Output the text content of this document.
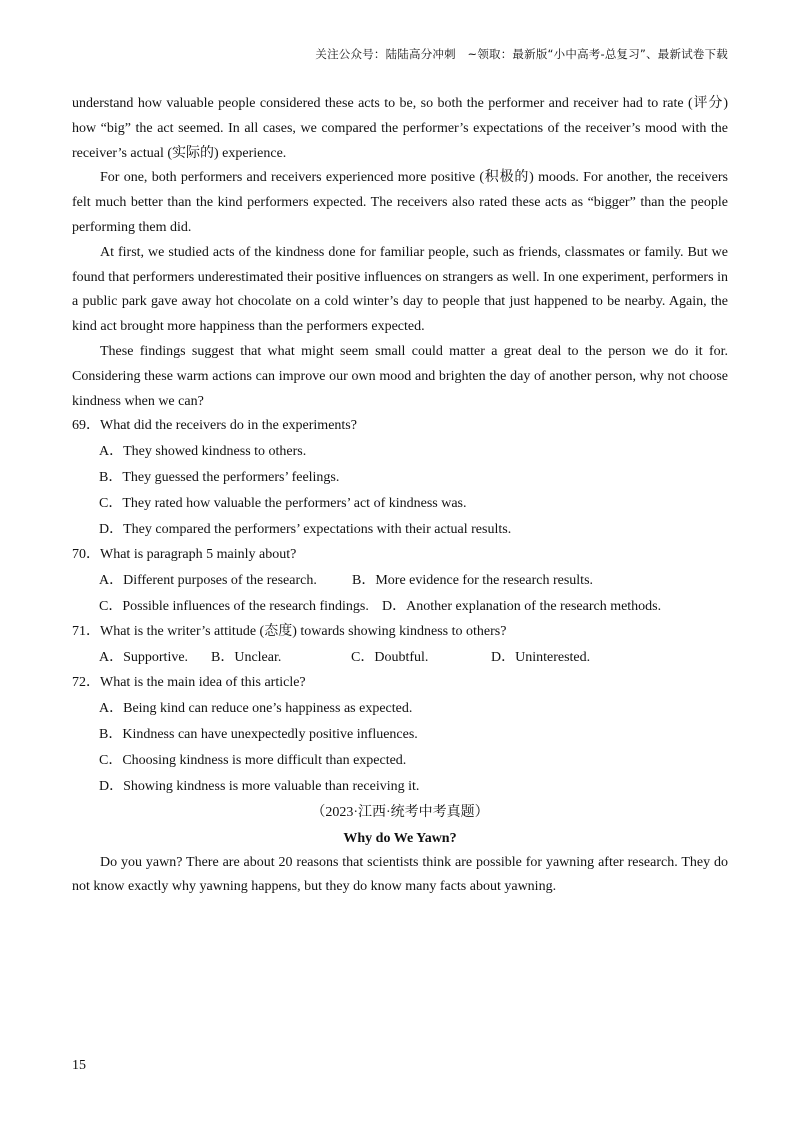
关注公众号：陆陆高分冲刺　~领取：最新版“小中高考-总复习”、最新试卷下载

understand how valuable people considered these acts to be, so both the performer and receiver had to rate (评分) how “big” the act seemed. In all cases, we compared the performer’s expectations of the receiver’s mood with the receiver’s actual (实际的) experience.

For one, both performers and receivers experienced more positive (积极的) moods. For another, the receivers felt much better than the kind performers expected. The receivers also rated these acts as “bigger” than the people performing them did.

At first, we studied acts of the kindness done for familiar people, such as friends, classmates or family. But we found that performers underestimated their positive influences on strangers as well. In one experiment, performers in a public park gave away hot chocolate on a cold winter’s day to people that just happened to be nearby. Again, the kind act brought more happiness than the performers expected.

These findings suggest that what might seem small could matter a great deal to the person we do it for. Considering these warm actions can improve our own mood and brighten the day of another person, why not choose kindness when we can?

69．What did the receivers do in the experiments?

A．They showed kindness to others.

B．They guessed the performers’ feelings.

C．They rated how valuable the performers’ act of kindness was.

D．They compared the performers’ expectations with their actual results.

70．What is paragraph 5 mainly about?

A．Different purposes of the research.	B．More evidence for the research results.
C．Possible influences of the research findings. D．Another explanation of the research methods.

71．What is the writer’s attitude (态度) towards showing kindness to others?

A．Supportive.	B．Unclear.	C．Doubtful.	D．Uninterested.

72．What is the main idea of this article?

A．Being kind can reduce one’s happiness as expected.

B．Kindness can have unexpectedly positive influences.

C．Choosing kindness is more difficult than expected.

D．Showing kindness is more valuable than receiving it.

（2023·江西·统考中考真题）

Why do We Yawn?

Do you yawn? There are about 20 reasons that scientists think are possible for yawning after research. They do not know exactly why yawning happens, but they do know many facts about yawning.

15
